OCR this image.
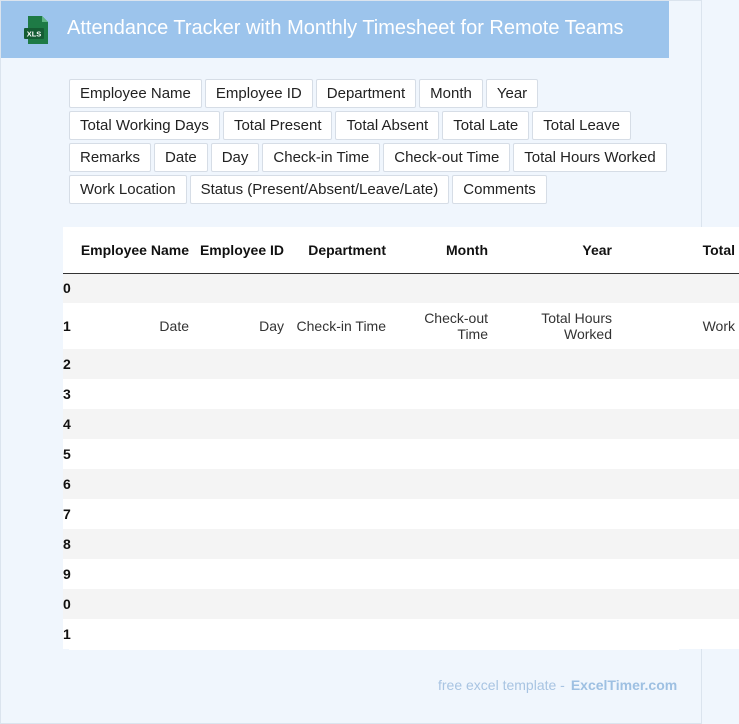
XLS Attendance Tracker with Monthly Timesheet for Remote Teams
Employee Name	Employee ID	Department	Month	Year
Total Working Days	Total Present	Total Absent	Total Late	Total Leave
Remarks	Date	Day	Check-in Time	Check-out Time	Total Hours Worked
Work Location	Status (Present/Absent/Leave/Late)	Comments
	Employee Name	Employee ID	Department	Month	Year	Total
0						
1	Date	Day	Check-in Time	Check-out Time	Total Hours Worked	Work
2						
3						
4						
5						
6						
7						
8						
9						
0						
1						
free excel template - ExcelTimer.com
